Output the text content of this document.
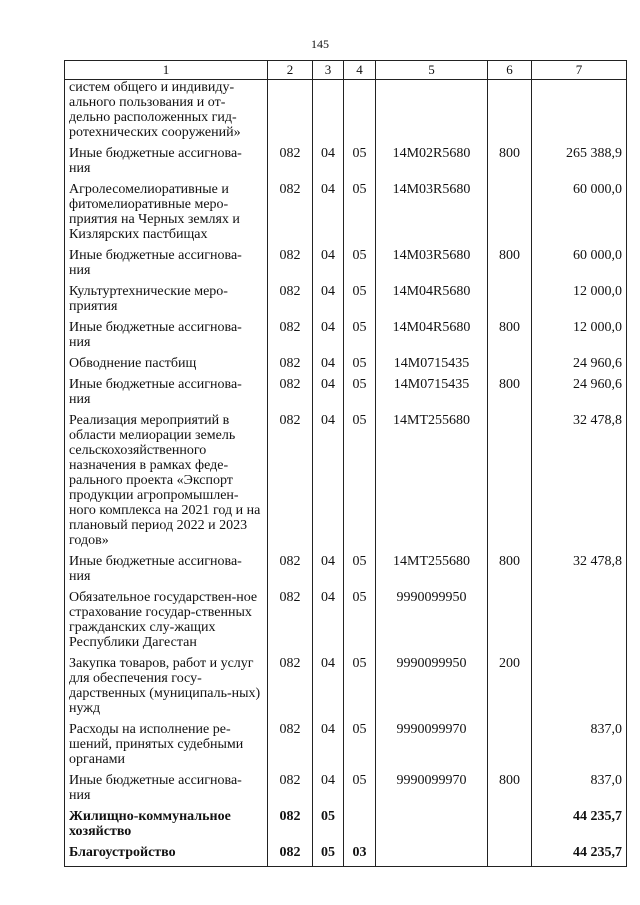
145
1	2	3	4	5	6	7
систем общего и индивиду-ального пользования и от-дельно расположенных гид-ротехнических сооружений»						
Иные бюджетные ассигнова-ния	082	04	05	14М02R5680	800	265 388,9
Агролесомелиоративные и фитомелиоративные меро-приятия на Черных землях и Кизлярских пастбищах	082	04	05	14М03R5680		60 000,0
Иные бюджетные ассигнова-ния	082	04	05	14М03R5680	800	60 000,0
Культуртехнические меро-приятия	082	04	05	14М04R5680		12 000,0
Иные бюджетные ассигнова-ния	082	04	05	14М04R5680	800	12 000,0
Обводнение пастбищ	082	04	05	14М0715435		24 960,6
Иные бюджетные ассигнова-ния	082	04	05	14М0715435	800	24 960,6
Реализация мероприятий в области мелиорации земель сельскохозяйственного назначения в рамках феде-рального проекта «Экспорт продукции агропромышлен-ного комплекса на 2021 год и на плановый период 2022 и 2023 годов»	082	04	05	14МТ255680		32 478,8
Иные бюджетные ассигнова-ния	082	04	05	14МТ255680	800	32 478,8
Обязательное государствен-ное страхование государ-ственных гражданских слу-жащих Республики Дагестан	082	04	05	9990099950		
Закупка товаров, работ и услуг для обеспечения госу-дарственных (муниципаль-ных) нужд	082	04	05	9990099950	200	
Расходы на исполнение ре-шений, принятых судебными органами	082	04	05	9990099970		837,0
Иные бюджетные ассигнова-ния	082	04	05	9990099970	800	837,0
Жилищно-коммунальное хозяйство	082	05				44 235,7
Благоустройство	082	05	03			44 235,7
